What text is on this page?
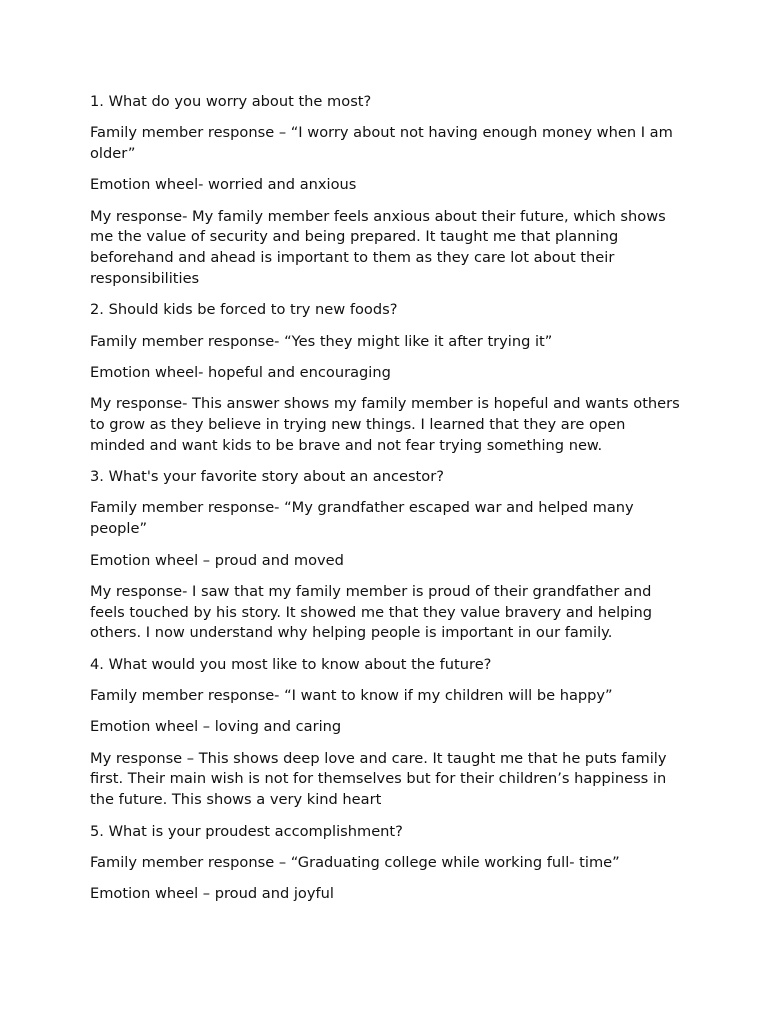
1. What do you worry about the most?

Family member response – “I worry about not having enough money when I am older”

Emotion wheel- worried and anxious

My response- My family member feels anxious about their future, which shows me the value of security and being prepared. It taught me that planning beforehand and ahead is important to them as they care lot about their responsibilities

2. Should kids be forced to try new foods?

Family member response- “Yes they might like it after trying it”

Emotion wheel- hopeful and encouraging

My response- This answer shows my family member is hopeful and wants others to grow as they believe in trying new things. I learned that they are open minded and want kids to be brave and not fear trying something new.

3. What's your favorite story about an ancestor?

Family member response- “My grandfather escaped war and helped many people”

Emotion wheel – proud and moved

My response- I saw that my family member is proud of their grandfather and feels touched by his story. It showed me that they value bravery and helping others. I now understand why helping people is important in our family.

4. What would you most like to know about the future?

Family member response- “I want to know if my children will be happy”

Emotion wheel – loving and caring

My response – This shows deep love and care. It taught me that he puts family first. Their main wish is not for themselves but for their children’s happiness in the future. This shows a very kind heart

5. What is your proudest accomplishment?

Family member response – “Graduating college while working full- time”

Emotion wheel – proud and joyful
